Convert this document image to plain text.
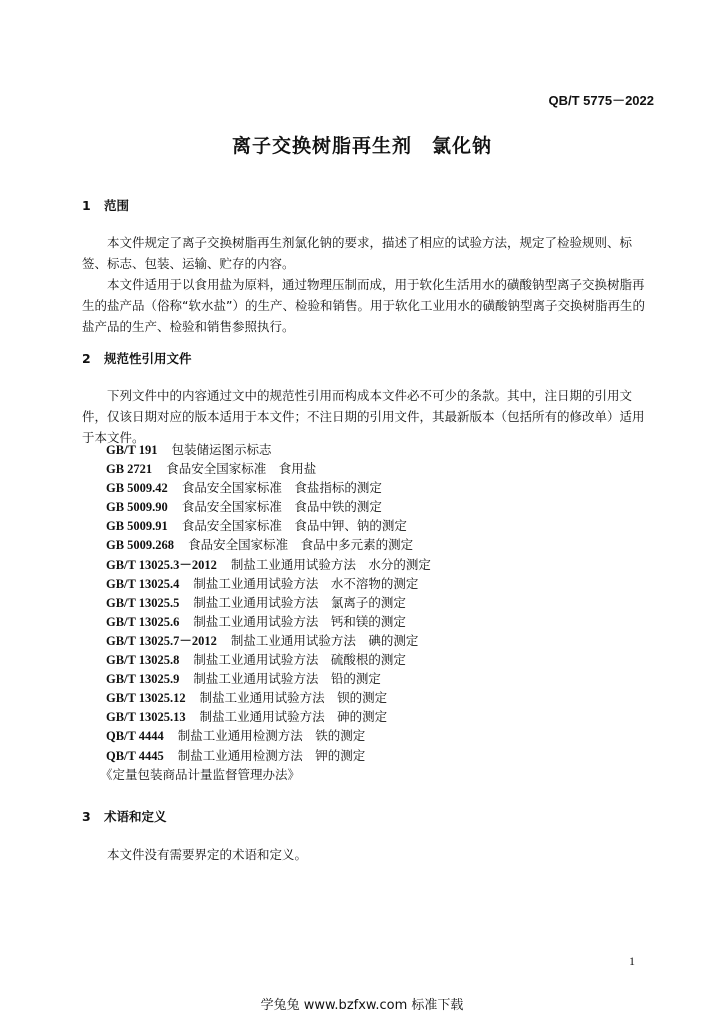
QB/T 5775－2022
离子交换树脂再生剂　氯化钠
1 范围
本文件规定了离子交换树脂再生剂氯化钠的要求，描述了相应的试验方法，规定了检验规则、标签、标志、包装、运输、贮存的内容。
本文件适用于以食用盐为原料，通过物理压制而成，用于软化生活用水的磺酸钠型离子交换树脂再生的盐产品（俗称“软水盐”）的生产、检验和销售。用于软化工业用水的磺酸钠型离子交换树脂再生的盐产品的生产、检验和销售参照执行。
2 规范性引用文件
下列文件中的内容通过文中的规范性引用而构成本文件必不可少的条款。其中，注日期的引用文件，仅该日期对应的版本适用于本文件；不注日期的引用文件，其最新版本（包括所有的修改单）适用于本文件。
GB/T 191 包装储运图示标志
GB 2721 食品安全国家标准　食用盐
GB 5009.42 食品安全国家标准　食盐指标的测定
GB 5009.90 食品安全国家标准　食品中铁的测定
GB 5009.91 食品安全国家标准　食品中钾、钠的测定
GB 5009.268 食品安全国家标准　食品中多元素的测定
GB/T 13025.3－2012 制盐工业通用试验方法　水分的测定
GB/T 13025.4 制盐工业通用试验方法　水不溶物的测定
GB/T 13025.5 制盐工业通用试验方法　氯离子的测定
GB/T 13025.6 制盐工业通用试验方法　钙和镁的测定
GB/T 13025.7－2012 制盐工业通用试验方法　碘的测定
GB/T 13025.8 制盐工业通用试验方法　硫酸根的测定
GB/T 13025.9 制盐工业通用试验方法　铅的测定
GB/T 13025.12 制盐工业通用试验方法　钡的测定
GB/T 13025.13 制盐工业通用试验方法　砷的测定
QB/T 4444 制盐工业通用检测方法　铁的测定
QB/T 4445 制盐工业通用检测方法　钾的测定
《定量包装商品计量监督管理办法》
3 术语和定义
本文件没有需要界定的术语和定义。
1
学兔兔 www.bzfxw.com 标准下载
